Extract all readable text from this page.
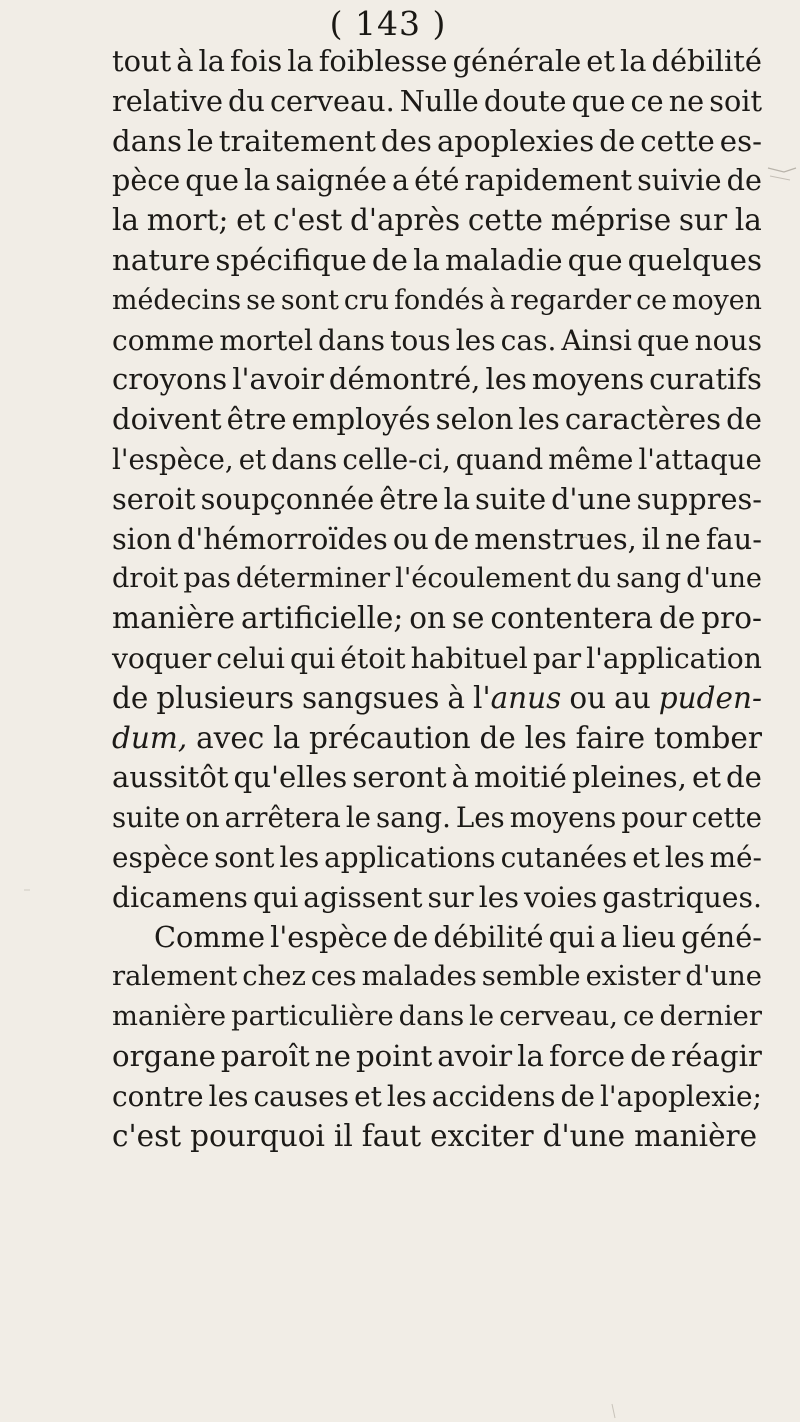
( 143 )
tout à la fois la foiblesse générale et la débilité
relative du cerveau. Nulle doute que ce ne soit
dans le traitement des apoplexies de cette es-
pèce que la saignée a été rapidement suivie de
la mort; et c'est d'après cette méprise sur la
nature spécifique de la maladie que quelques
médecins se sont cru fondés à regarder ce moyen
comme mortel dans tous les cas. Ainsi que nous
croyons l'avoir démontré, les moyens curatifs
doivent être employés selon les caractères de
l'espèce, et dans celle-ci, quand même l'attaque
seroit soupçonnée être la suite d'une suppres-
sion d'hémorroïdes ou de menstrues, il ne fau-
droit pas déterminer l'écoulement du sang d'une
manière artificielle; on se contentera de pro-
voquer celui qui étoit habituel par l'application
de plusieurs sangsues à l'anus ou au puden-
dum, avec la précaution de les faire tomber
aussitôt qu'elles seront à moitié pleines, et de
suite on arrêtera le sang. Les moyens pour cette
espèce sont les applications cutanées et les mé-
dicamens qui agissent sur les voies gastriques.
Comme l'espèce de débilité qui a lieu géné-
ralement chez ces malades semble exister d'une
manière particulière dans le cerveau, ce dernier
organe paroît ne point avoir la force de réagir
contre les causes et les accidens de l'apoplexie;
c'est pourquoi il faut exciter d'une manière
